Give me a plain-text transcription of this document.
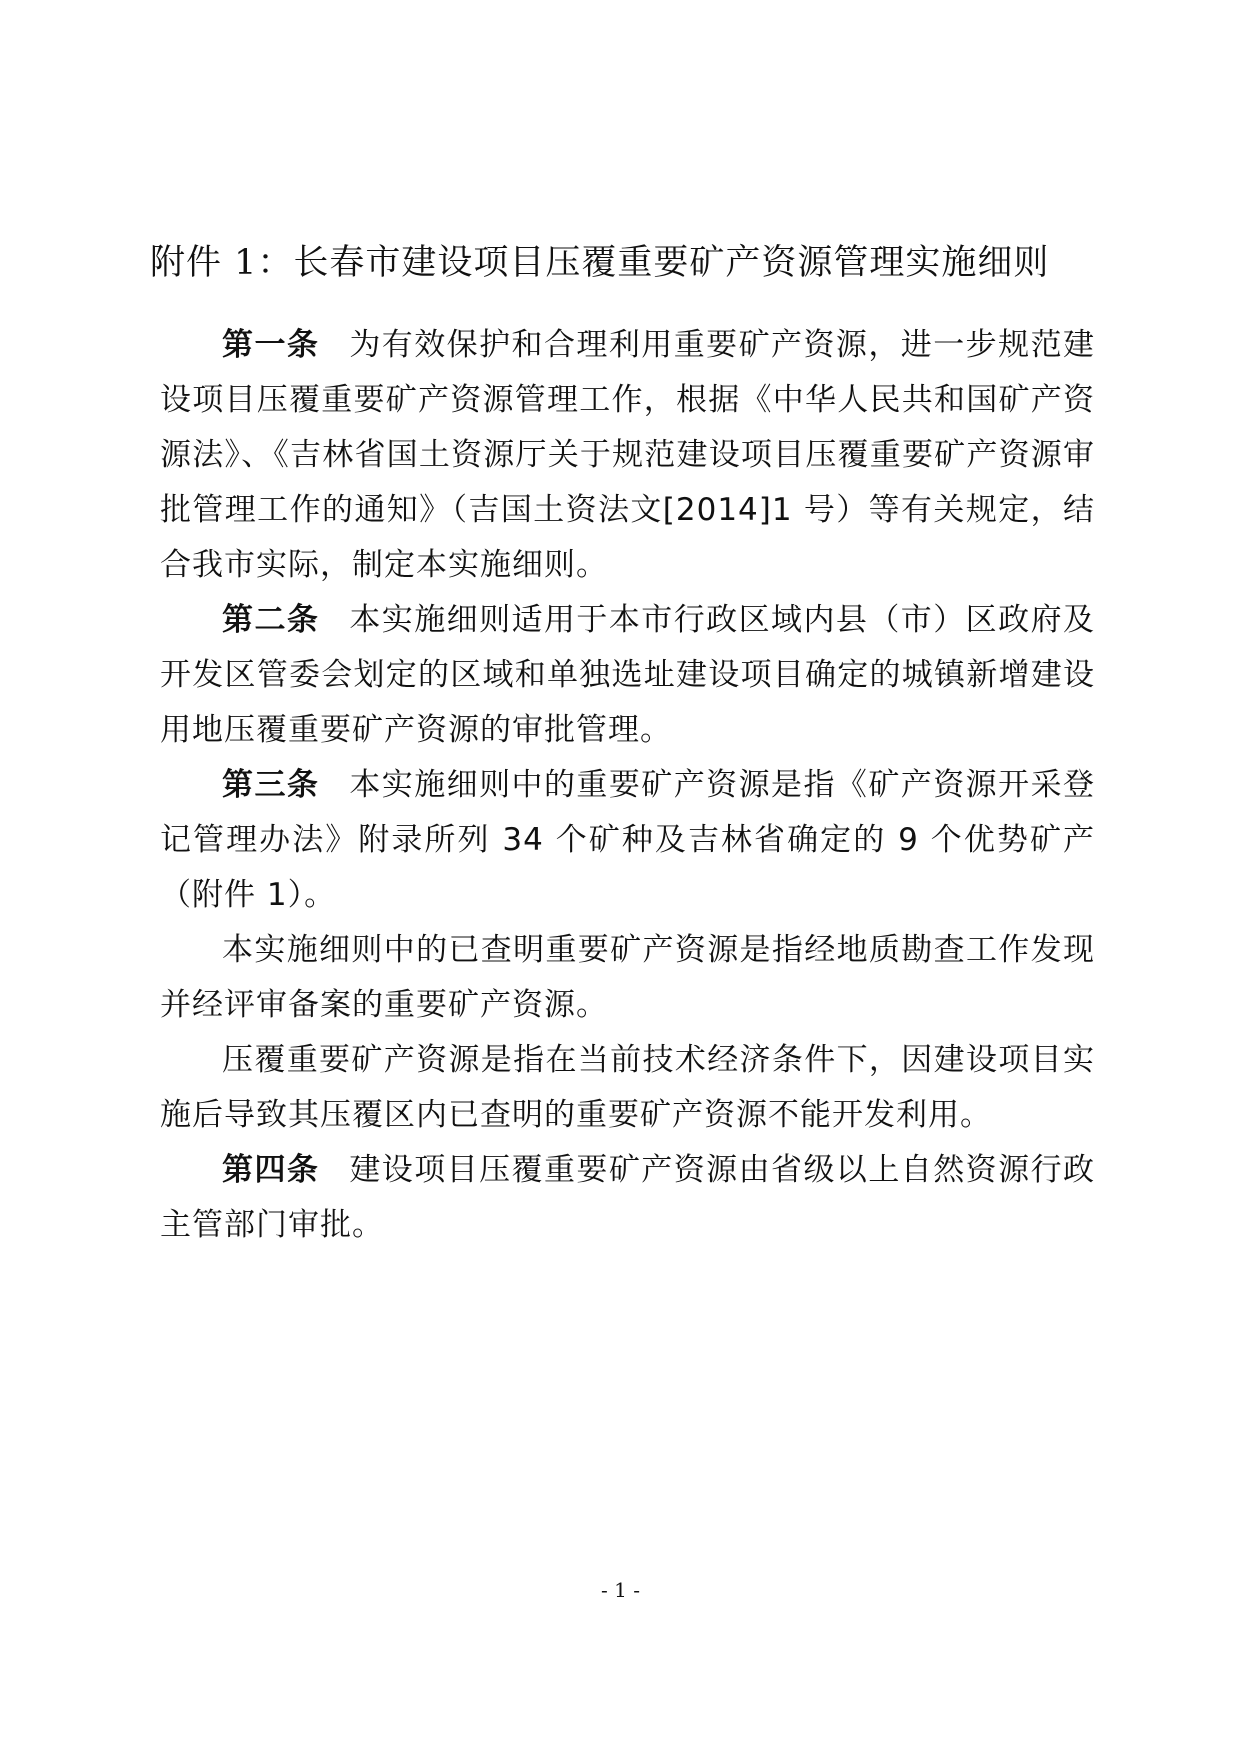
附件 1：长春市建设项目压覆重要矿产资源管理实施细则

第一条 为有效保护和合理利用重要矿产资源，进一步规范建设项目压覆重要矿产资源管理工作，根据《中华人民共和国矿产资源法》、《吉林省国土资源厅关于规范建设项目压覆重要矿产资源审批管理工作的通知》（吉国土资法文[2014]1 号）等有关规定，结合我市实际，制定本实施细则。

第二条 本实施细则适用于本市行政区域内县（市）区政府及开发区管委会划定的区域和单独选址建设项目确定的城镇新增建设用地压覆重要矿产资源的审批管理。

第三条 本实施细则中的重要矿产资源是指《矿产资源开采登记管理办法》附录所列 34 个矿种及吉林省确定的 9 个优势矿产（附件 1）。

本实施细则中的已查明重要矿产资源是指经地质勘查工作发现并经评审备案的重要矿产资源。

压覆重要矿产资源是指在当前技术经济条件下，因建设项目实施后导致其压覆区内已查明的重要矿产资源不能开发利用。

第四条 建设项目压覆重要矿产资源由省级以上自然资源行政主管部门审批。

- 1 -
